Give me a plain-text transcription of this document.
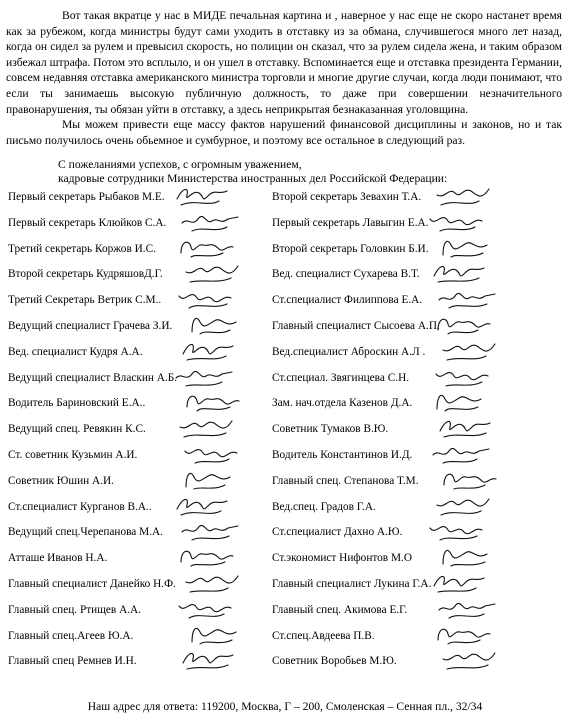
Вот такая вкратце у нас в МИДЕ печальная картина и , наверное у нас еще не скоро настанет время как за рубежом, когда министры будут сами уходить в отставку из за обмана, случившегося много лет назад, когда он сидел за рулем и превысил скорость, но полиции он сказал, что за рулем сидела жена, и таким образом избежал штрафа. Потом это всплыло, и он ушел в отставку. Вспоминается еще и отставка президента Германии, совсем недавняя отставка американского министра торговли и многие другие случаи, когда люди понимают, что если ты занимаешь высокую публичную должность, то даже при совершении незначительного правонарушения, ты обязан уйти в отставку, а здесь неприкрытая безнаказанная уголовщина.

Мы можем привести еще массу фактов нарушений финансовой дисциплины и законов, но и так письмо получилось очень обьемное и сумбурное, и поэтому все остальное в следующий раз.

С пожеланиями успехов, с огромным уважением,
кадровые сотрудники Министерства иностранных дел Российской Федерации:
Первый секретарь Рыбаков М.Е.
Первый секретарь Клюйков С.А.
Третий секретарь Коржов И.С.
Второй секретарь КудряшовД.Г.
Третий Секретарь Ветрик С.М..
Ведущий специалист Грачева З.И.
Вед. специалист Кудря А.А.
Ведущий специалист Власкин А.Б.
Водитель Бариновский Е.А..
Ведущий спец. Ревякин К.С.
Ст. советник Кузьмин А.И.
Советник Юшин А.И.
Ст.специалист Курганов В.А..
Ведущий спец.Черепанова М.А.
Атташе Иванов Н.А.
Главный специалист Данейко Н.Ф.
Главный спец. Ртищев А.А.
Главный спец.Агеев Ю.А.
Главный спец Ремнев И.Н.
Второй секретарь Зевахин Т.А.
Первый секретарь Лавыгин Е.А.
Второй секретарь Головкин Б.И.
Вед. специалист Сухарева В.Т.
Ст.специалист Филиппова Е.А.
Главный специалист Сысоева А.П.
Вед.специалист Аброскин А.Л .
Ст.специал. Звягинцева С.Н.
Зам. нач.отдела Казенов Д.А.
Советник Тумаков В.Ю.
Водитель Константинов И.Д.
Главный спец. Степанова Т.М.
Вед.спец. Градов Г.А.
Ст.специалист Дахно А.Ю.
Ст.экономист Нифонтов М.О
Главный специалист Лукина Г.А.
Главный спец. Акимова Е.Г.
Ст.спец.Авдеева П.В.
Советник Воробьев М.Ю.
Наш адрес для ответа: 119200, Москва, Г – 200, Смоленская – Сенная пл., 32/34
